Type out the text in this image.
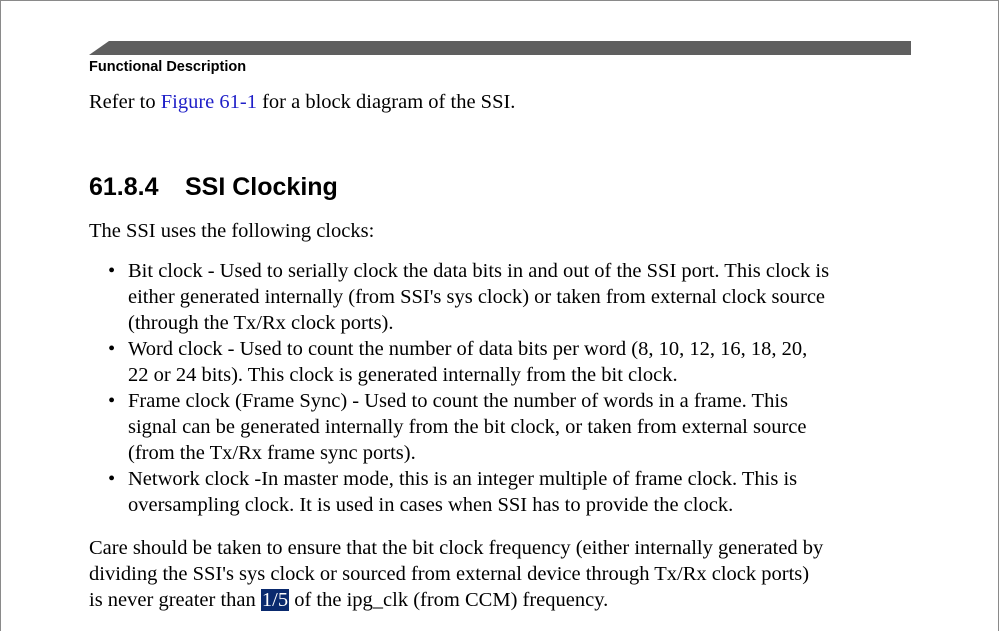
Functional Description
Refer to Figure 61-1 for a block diagram of the SSI.
61.8.4 SSI Clocking
The SSI uses the following clocks:
• Bit clock - Used to serially clock the data bits in and out of the SSI port. This clock is
either generated internally (from SSI's sys clock) or taken from external clock source
(through the Tx/Rx clock ports).
• Word clock - Used to count the number of data bits per word (8, 10, 12, 16, 18, 20,
22 or 24 bits). This clock is generated internally from the bit clock.
• Frame clock (Frame Sync) - Used to count the number of words in a frame. This
signal can be generated internally from the bit clock, or taken from external source
(from the Tx/Rx frame sync ports).
• Network clock -In master mode, this is an integer multiple of frame clock. This is
oversampling clock. It is used in cases when SSI has to provide the clock.
Care should be taken to ensure that the bit clock frequency (either internally generated by
dividing the SSI's sys clock or sourced from external device through Tx/Rx clock ports)
is never greater than 1/5 of the ipg_clk (from CCM) frequency.
